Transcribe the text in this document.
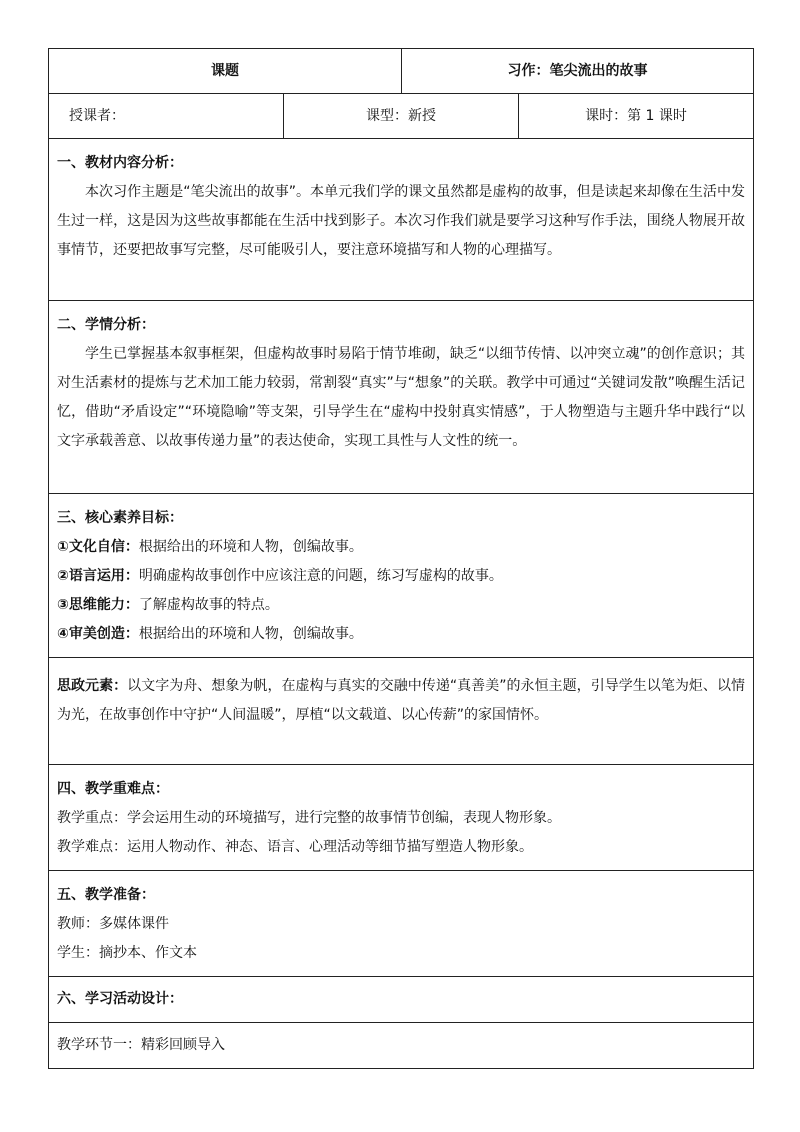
课题		习作：笔尖流出的故事	
授课者：	课型：新授		课时：第 1 课时

一、教材内容分析：
本次习作主题是“笔尖流出的故事”。本单元我们学的课文虽然都是虚构的故事，但是读起来却像在生活中发生过一样，这是因为这些故事都能在生活中找到影子。本次习作我们就是要学习这种写作手法，围绕人物展开故事情节，还要把故事写完整，尽可能吸引人，要注意环境描写和人物的心理描写。			

二、学情分析：
学生已掌握基本叙事框架，但虚构故事时易陷于情节堆砌，缺乏“以细节传情、以冲突立魂”的创作意识；其对生活素材的提炼与艺术加工能力较弱，常割裂“真实”与“想象”的关联。教学中可通过“关键词发散”唤醒生活记忆，借助“矛盾设定”“环境隐喻”等支架，引导学生在“虚构中投射真实情感”，于人物塑造与主题升华中践行“以文字承载善意、以故事传递力量”的表达使命，实现工具性与人文性的统一。			

三、核心素养目标：
①文化自信：根据给出的环境和人物，创编故事。
②语言运用：明确虚构故事创作中应该注意的问题，练习写虚构的故事。
③思维能力：了解虚构故事的特点。
④审美创造：根据给出的环境和人物，创编故事。			

思政元素：以文字为舟、想象为帆，在虚构与真实的交融中传递“真善美”的永恒主题，引导学生以笔为炬、以情为光，在故事创作中守护“人间温暖”，厚植“以文载道、以心传薪”的家国情怀。			

四、教学重难点：
教学重点：学会运用生动的环境描写，进行完整的故事情节创编，表现人物形象。
教学难点：运用人物动作、神态、语言、心理活动等细节描写塑造人物形象。			

五、教学准备：
教师：多媒体课件
学生：摘抄本、作文本			

六、学习活动设计：			

教学环节一：精彩回顾导入			
